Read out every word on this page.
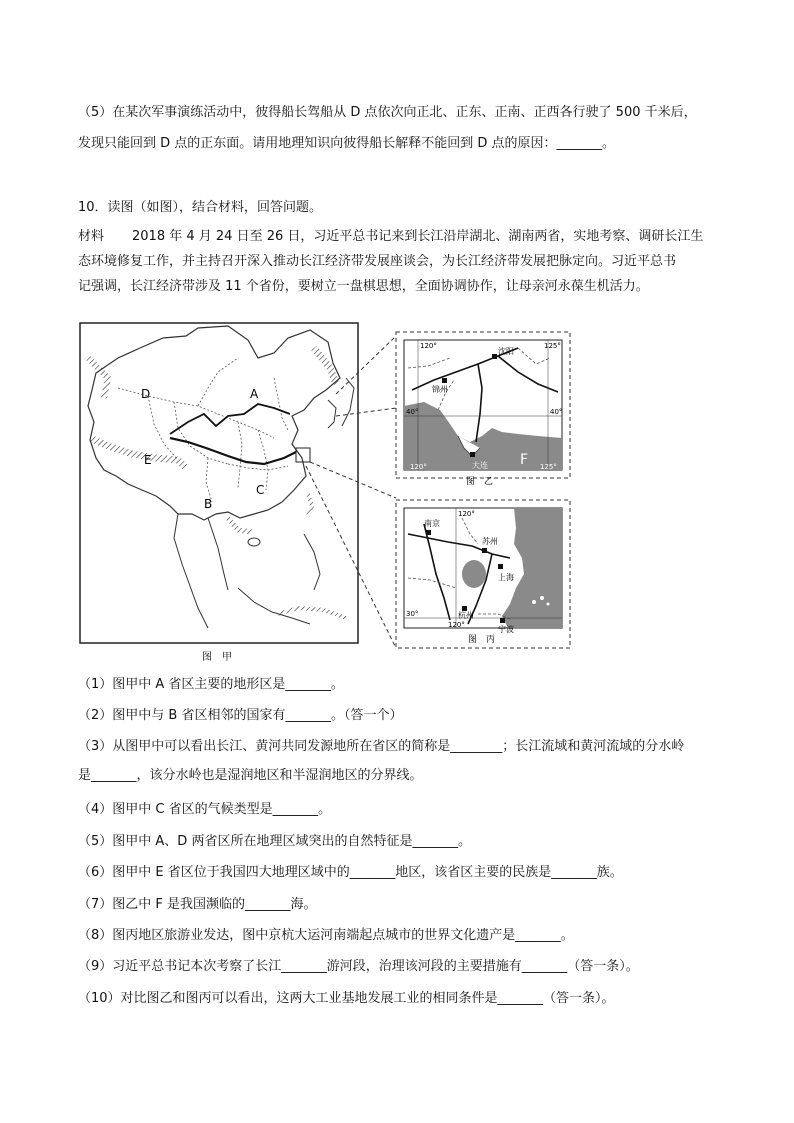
（5）在某次军事演练活动中，彼得船长驾船从 D 点依次向正北、正东、正南、正西各行驶了 500 千米后，
发现只能回到 D 点的正东面。请用地理知识向彼得船长解释不能回到 D 点的原因：_______。
10．读图（如图），结合材料，回答问题。
材料 2018 年 4 月 24 日至 26 日，习近平总书记来到长江沿岸湖北、湖南两省，实地考察、调研长江生
态环境修复工作，并主持召开深入推动长江经济带发展座谈会，为长江经济带发展把脉定向。习近平总书
记强调，长江经济带涉及 11 个省份，要树立一盘棋思想，全面协调协作，让母亲河永葆生机活力。
D	A
E
C
B
图　甲
沈阳
锦州
大连 F
120°	125°
40°	40°
120°	125°
图　乙
南京
苏州
上海
杭州
宁波
120°
30°
120°
图　丙
（1）图甲中 A 省区主要的地形区是_______。
（2）图甲中与 B 省区相邻的国家有_______。（答一个）
（3）从图甲中可以看出长江、黄河共同发源地所在省区的简称是________；长江流域和黄河流域的分水岭
是_______，该分水岭也是湿润地区和半湿润地区的分界线。
（4）图甲中 C 省区的气候类型是_______。
（5）图甲中 A、D 两省区所在地理区域突出的自然特征是_______。
（6）图甲中 E 省区位于我国四大地理区域中的_______地区，该省区主要的民族是_______族。
（7）图乙中 F 是我国濒临的_______海。
（8）图丙地区旅游业发达，图中京杭大运河南端起点城市的世界文化遗产是_______。
（9）习近平总书记本次考察了长江_______游河段，治理该河段的主要措施有_______（答一条）。
（10）对比图乙和图丙可以看出，这两大工业基地发展工业的相同条件是_______（答一条）。
